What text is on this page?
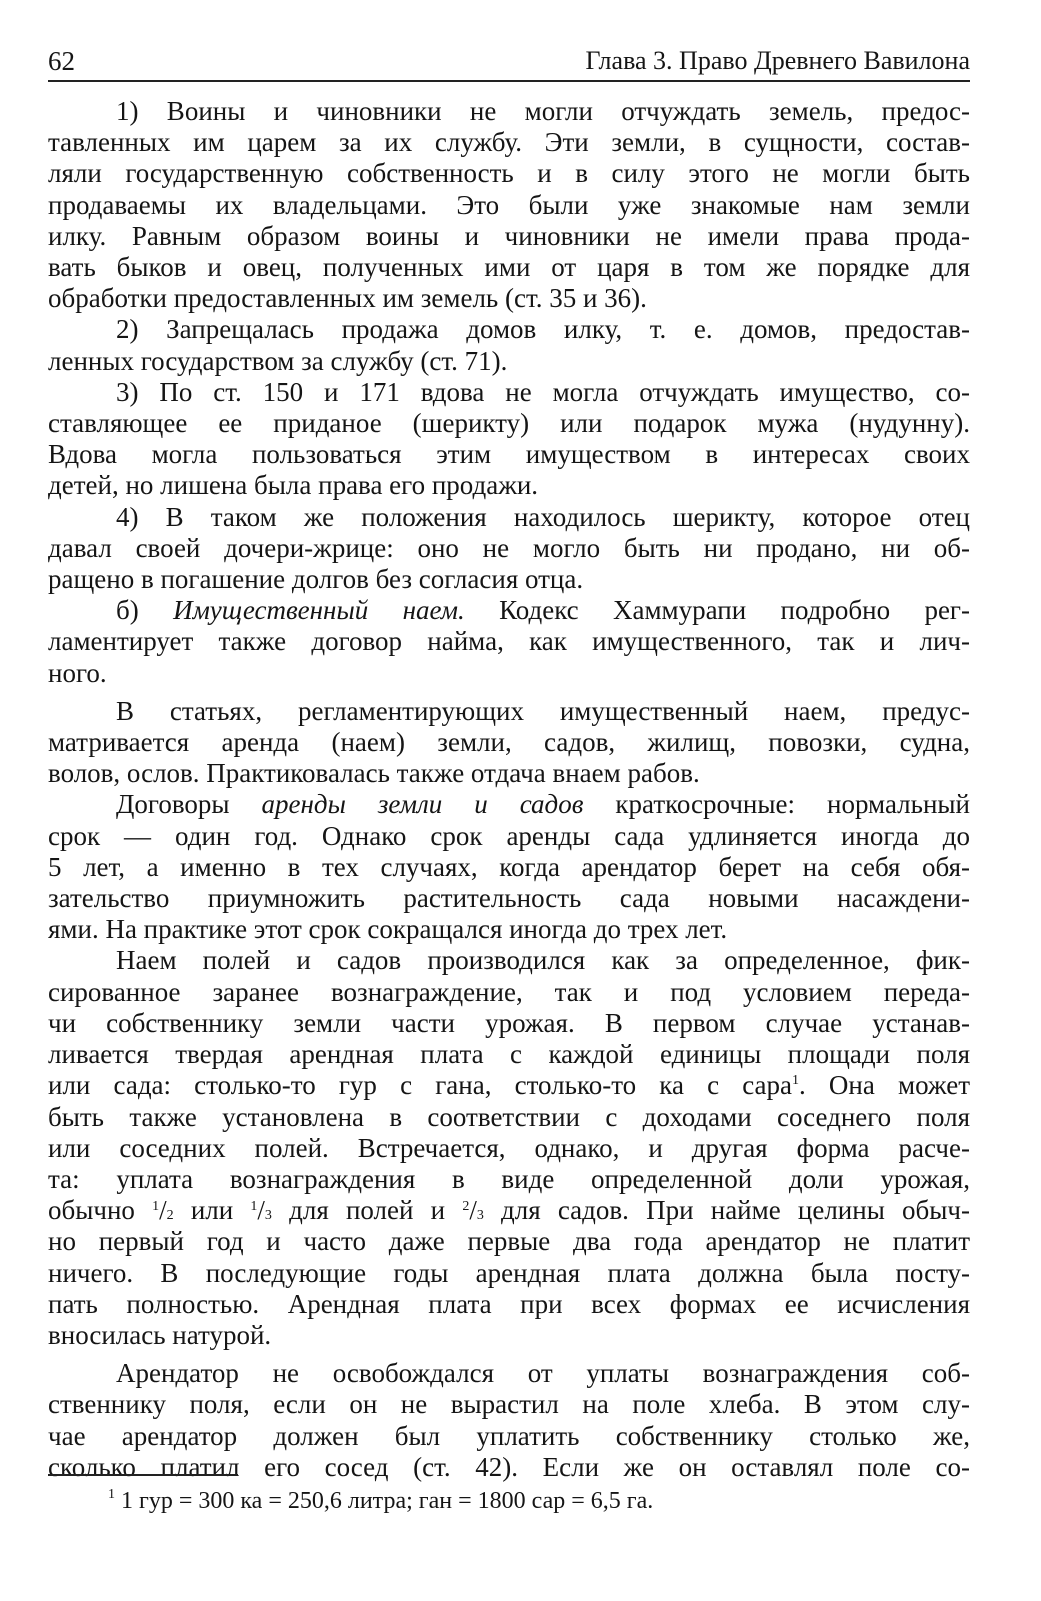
62	Глава 3. Право Древнего Вавилона

1) Воины и чиновники не могли отчуждать земель, предос-
тавленных им царем за их службу. Эти земли, в сущности, состав-
ляли государственную собственность и в силу этого не могли быть
продаваемы их владельцами. Это были уже знакомые нам земли
илку. Равным образом воины и чиновники не имели права прода-
вать быков и овец, полученных ими от царя в том же порядке для
обработки предоставленных им земель (ст. 35 и 36).

2) Запрещалась продажа домов илку, т. е. домов, предостав-
ленных государством за службу (ст. 71).

3) По ст. 150 и 171 вдова не могла отчуждать имущество, со-
ставляющее ее приданое (шерикту) или подарок мужа (нудунну).
Вдова могла пользоваться этим имуществом в интересах своих
детей, но лишена была права его продажи.

4) В таком же положения находилось шерикту, которое отец
давал своей дочери-жрице: оно не могло быть ни продано, ни об-
ращено в погашение долгов без согласия отца.

б) Имущественный наем. Кодекс Хаммурапи подробно рег-
ламентирует также договор найма, как имущественного, так и лич-
ного.

В статьях, регламентирующих имущественный наем, предус-
матривается аренда (наем) земли, садов, жилищ, повозки, судна,
волов, ослов. Практиковалась также отдача внаем рабов.

Договоры аренды земли и садов краткосрочные: нормальный
срок — один год. Однако срок аренды сада удлиняется иногда до
5 лет, а именно в тех случаях, когда арендатор берет на себя обя-
зательство приумножить растительность сада новыми насаждени-
ями. На практике этот срок сокращался иногда до трех лет.

Наем полей и садов производился как за определенное, фик-
сированное заранее вознаграждение, так и под условием переда-
чи собственнику земли части урожая. В первом случае устанав-
ливается твердая арендная плата с каждой единицы площади поля
или сада: столько-то гур с гана, столько-то ка с сара$^1$. Она может
быть также установлена в соответствии с доходами соседнего поля
или соседних полей. Встречается, однако, и другая форма расче-
та: уплата вознаграждения в виде определенной доли урожая,
обычно $^1$/2 или $^1$/3 для полей и $^2$/3 для садов. При найме целины обыч-
но первый год и часто даже первые два года арендатор не платит
ничего. В последующие годы арендная плата должна была посту-
пать полностью. Арендная плата при всех формах ее исчисления
вносилась натурой.

Арендатор не освобождался от уплаты вознаграждения соб-
ственнику поля, если он не вырастил на поле хлеба. В этом слу-
чае арендатор должен был уплатить собственнику столько же,
сколько платил его сосед (ст. 42). Если же он оставлял поле со-

$^1$ 1 гур = 300 ка = 250,6 литра; ган = 1800 сар = 6,5 га.
